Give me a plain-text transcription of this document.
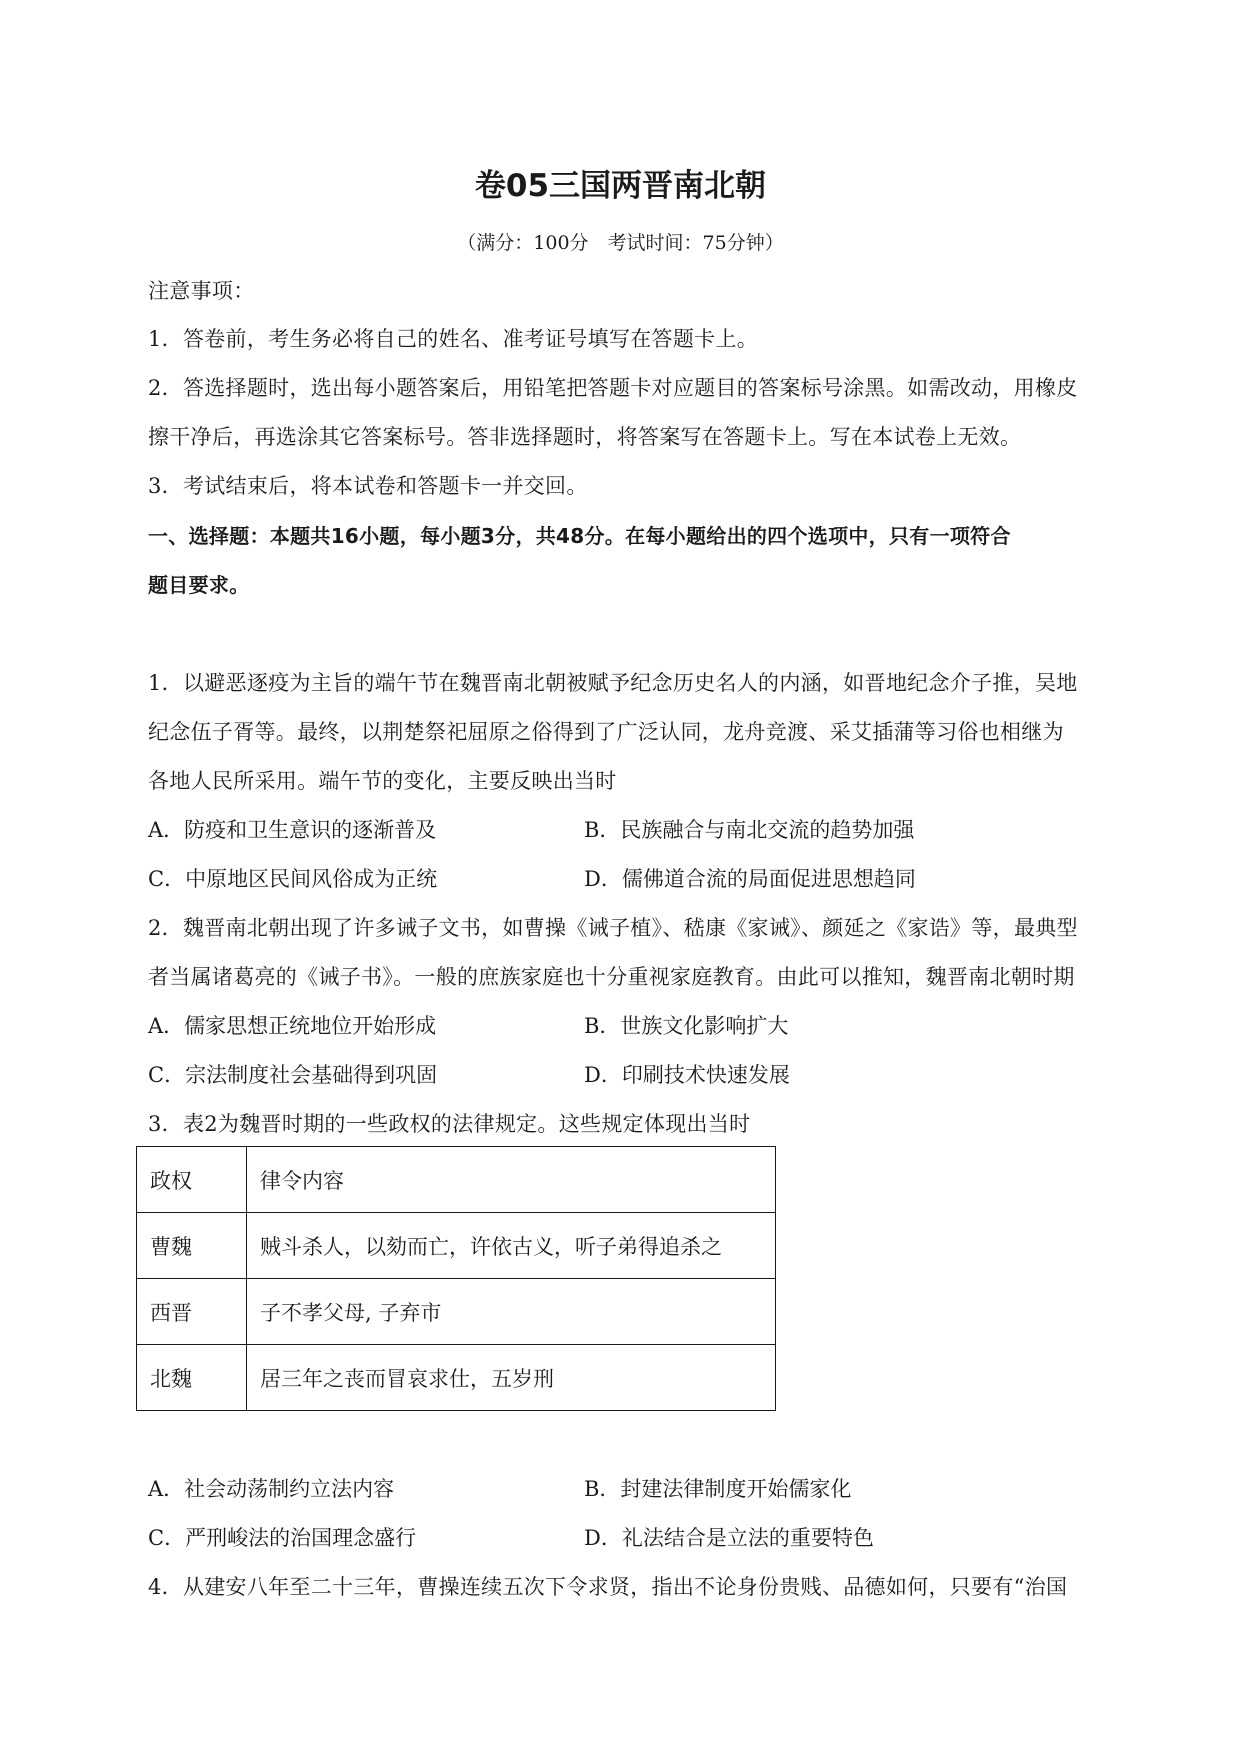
卷05三国两晋南北朝
（满分：100分　考试时间：75分钟）
注意事项：
1．答卷前，考生务必将自己的姓名、准考证号填写在答题卡上。
2．答选择题时，选出每小题答案后，用铅笔把答题卡对应题目的答案标号涂黑。如需改动，用橡皮
擦干净后，再选涂其它答案标号。答非选择题时，将答案写在答题卡上。写在本试卷上无效。
3．考试结束后，将本试卷和答题卡一并交回。
一、选择题：本题共16小题，每小题3分，共48分。在每小题给出的四个选项中，只有一项符合
题目要求。
1．以避恶逐疫为主旨的端午节在魏晋南北朝被赋予纪念历史名人的内涵，如晋地纪念介子推，吴地
纪念伍子胥等。最终，以荆楚祭祀屈原之俗得到了广泛认同，龙舟竞渡、采艾插蒲等习俗也相继为
各地人民所采用。端午节的变化，主要反映出当时
A．防疫和卫生意识的逐渐普及	B．民族融合与南北交流的趋势加强
C．中原地区民间风俗成为正统	D．儒佛道合流的局面促进思想趋同
2．魏晋南北朝出现了许多诫子文书，如曹操《诫子植》、嵇康《家诫》、颜延之《家诰》等，最典型
者当属诸葛亮的《诫子书》。一般的庶族家庭也十分重视家庭教育。由此可以推知，魏晋南北朝时期
A．儒家思想正统地位开始形成	B．世族文化影响扩大
C．宗法制度社会基础得到巩固	D．印刷技术快速发展
3．表2为魏晋时期的一些政权的法律规定。这些规定体现出当时
政权	律令内容
曹魏	贼斗杀人，以劾而亡，许依古义，听子弟得追杀之
西晋	子不孝父母, 子弃市
北魏	居三年之丧而冒哀求仕，五岁刑
A．社会动荡制约立法内容	B．封建法律制度开始儒家化
C．严刑峻法的治国理念盛行	D．礼法结合是立法的重要特色
4．从建安八年至二十三年，曹操连续五次下令求贤，指出不论身份贵贱、品德如何，只要有“治国
